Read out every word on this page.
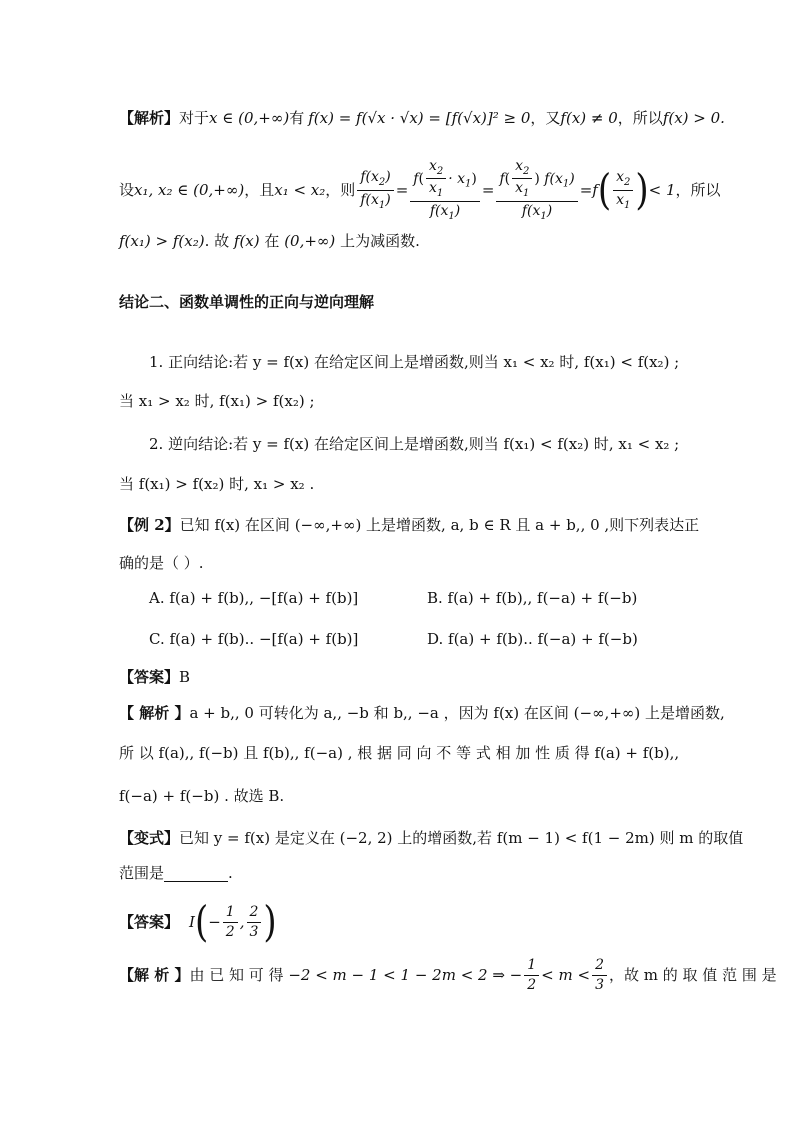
【解析】 对于 x ∈ (0,+∞) 有 f(x) = f(√x · √x) = [f(√x)]² ≥ 0 ，又 f(x) ≠ 0 ，所以 f(x) > 0.
设 x₁, x₂ ∈ (0,+∞) ，且 x₁ < x₂ ，则 $\frac{f(x_2)}{f(x_1)} = \frac{f( \frac{x_2}{x_1} \cdot x_1)}{f(x_1)} = \frac{f( \frac{x_2}{x_1} ) f(x_1)}{f(x_1)} = f$ ( $\frac{x_2}{x_1}$ ) < 1 ，所以
f(x₁) > f(x₂) . 故
f(x)
在
(0,+∞)
上为减函数.
结论二、函数单调性的正向与逆向理解
1. 正向结论:若 y = f(x) 在给定区间上是增函数,则当 x₁ < x₂ 时, f(x₁) < f(x₂) ;
当 x₁ > x₂ 时, f(x₁) > f(x₂) ;
2. 逆向结论:若 y = f(x) 在给定区间上是增函数,则当 f(x₁) < f(x₂) 时, x₁ < x₂ ;
当 f(x₁) > f(x₂) 时, x₁ > x₂ .
【例 2】 已知 f(x) 在区间 (−∞,+∞) 上是增函数, a, b ∈ R 且 a + b,, 0 ,则下列表达正
确的是（ ）.
A. f(a) + f(b),, −[f(a) + f(b)]	B. f(a) + f(b),, f(−a) + f(−b)
C. f(a) + f(b).. −[f(a) + f(b)]	D. f(a) + f(b).. f(−a) + f(−b)
【答案】 B
【 解析 】 a + b,, 0 可转化为 a,, −b 和 b,, −a ，因为 f(x) 在区间 (−∞,+∞) 上是增函数,
所 以 f(a),, f(−b) 且 f(b),, f(−a) , 根 据 同 向 不 等 式 相 加 性 质 得 f(a) + f(b),,
f(−a) + f(−b) . 故选 B.
【变式】 已知 y = f(x) 是定义在 (−2, 2) 上的增函数,若 f(m − 1) < f(1 − 2m) 则 m 的取值
范围是	.
【答案】 I ( − $\frac{1}{2}$ , $\frac{2}{3}$ )
【解 析 】 由 已 知 可 得
−2 < m − 1 < 1 − 2m < 2 ⇒ − $\frac{1}{2} < m < \frac{2}{3}$ ，故 m 的 取 值 范 围 是
